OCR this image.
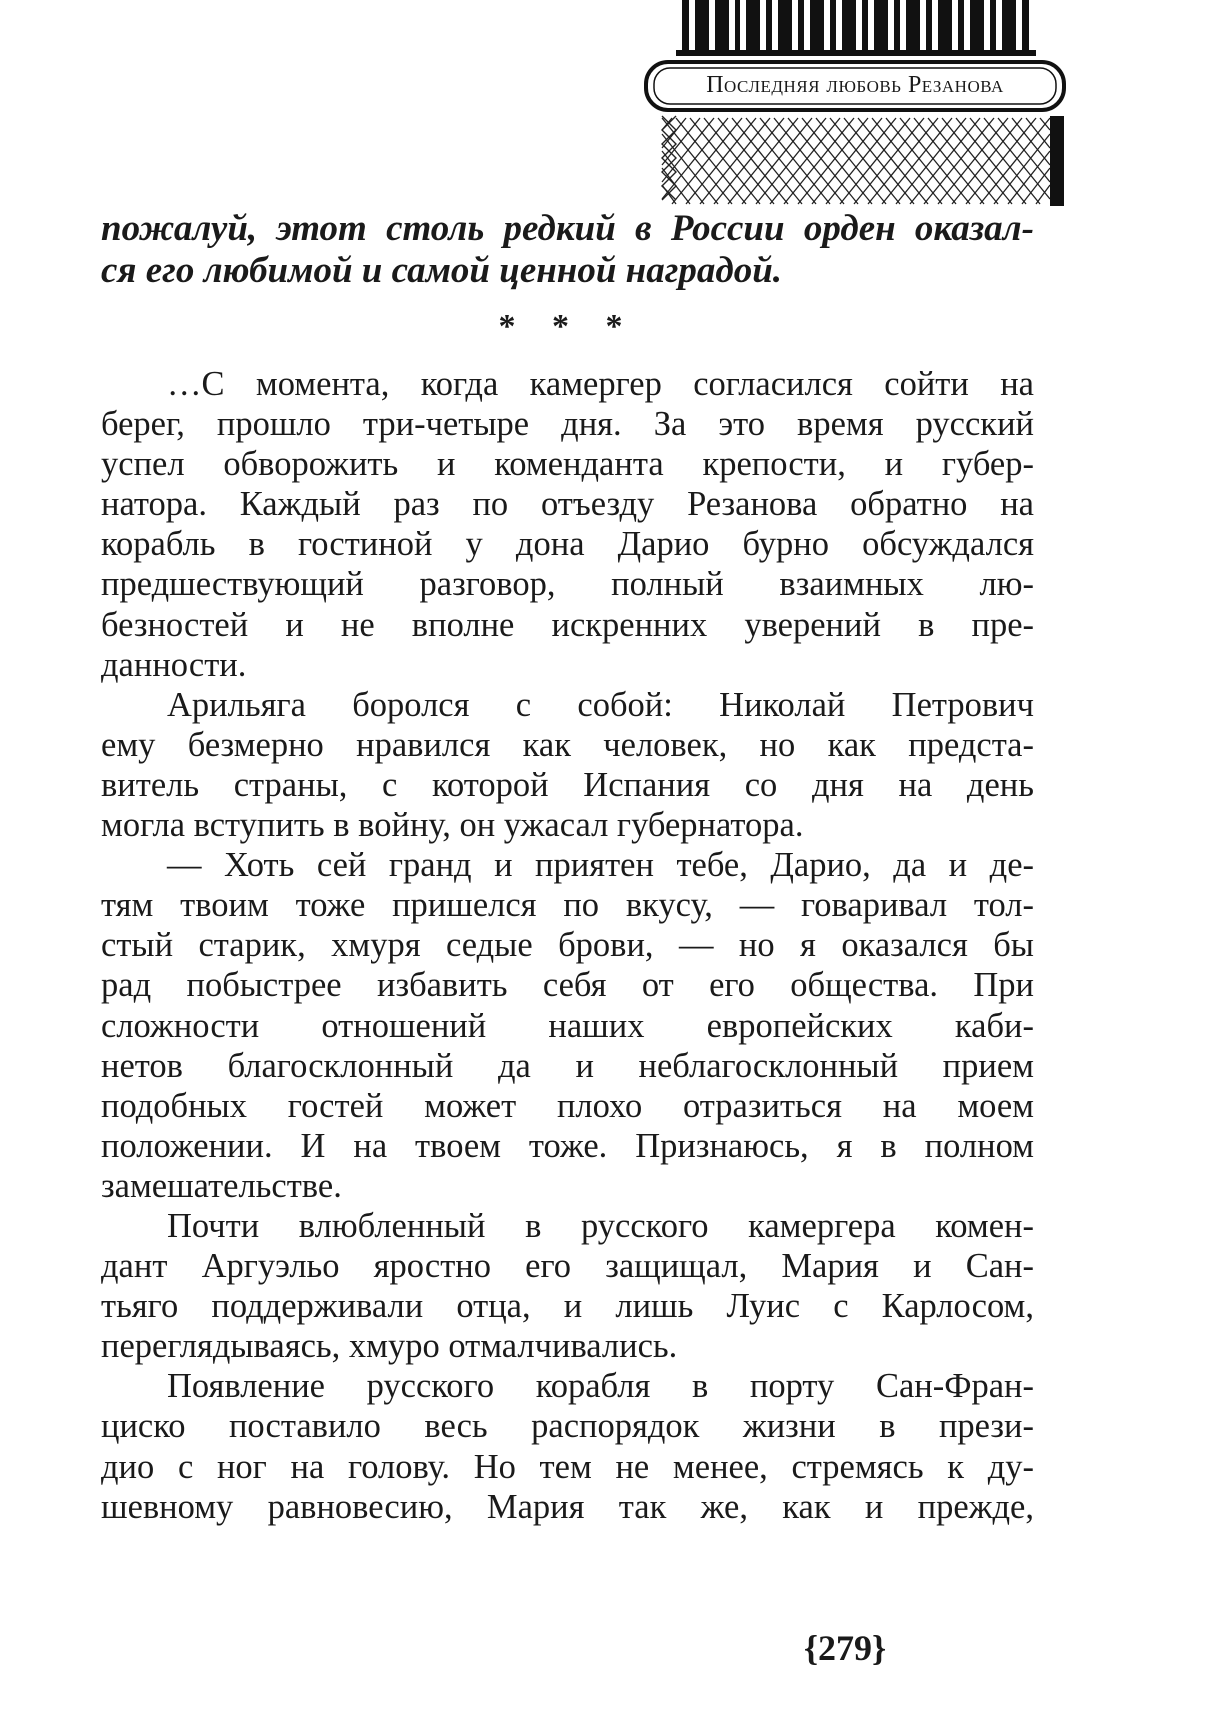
Последняя любовь Резанова

пожалуй, этот столь редкий в России орден оказал-
ся его любимой и самой ценной наградой.

* * *

…С момента, когда камергер согласился сойти на
берег, прошло три-четыре дня. За это время русский
успел обворожить и коменданта крепости, и губер-
натора. Каждый раз по отъезду Резанова обратно на
корабль в гостиной у дона Дарио бурно обсуждался
предшествующий разговор, полный взаимных лю-
безностей и не вполне искренних уверений в пре-
данности.

Арильяга боролся с собой: Николай Петрович
ему безмерно нравился как человек, но как предста-
витель страны, с которой Испания со дня на день
могла вступить в войну, он ужасал губернатора.

— Хоть сей гранд и приятен тебе, Дарио, да и де-
тям твоим тоже пришелся по вкусу, — говаривал тол-
стый старик, хмуря седые брови, — но я оказался бы
рад побыстрее избавить себя от его общества. При
сложности отношений наших европейских каби-
нетов благосклонный да и неблагосклонный прием
подобных гостей может плохо отразиться на моем
положении. И на твоем тоже. Признаюсь, я в полном
замешательстве.

Почти влюбленный в русского камергера комен-
дант Аргуэльо яростно его защищал, Мария и Сан-
тьяго поддерживали отца, и лишь Луис с Карлосом,
переглядываясь, хмуро отмалчивались.

Появление русского корабля в порту Сан-Фран-
циско поставило весь распорядок жизни в прези-
дио с ног на голову. Но тем не менее, стремясь к ду-
шевному равновесию, Мария так же, как и прежде,

{279}
